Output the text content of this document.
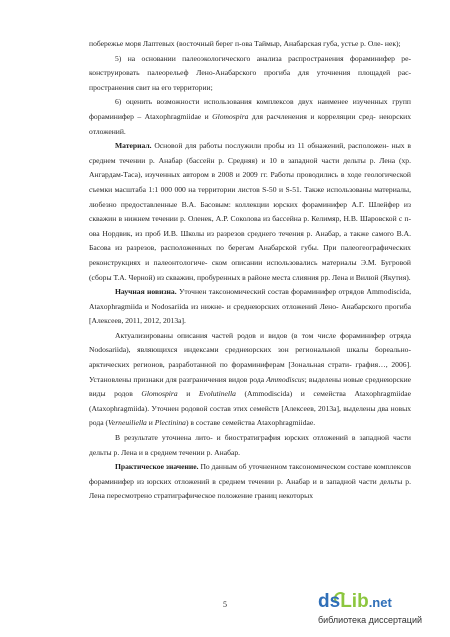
побережье моря Лаптевых (восточный берег п-ова Таймыр, Анабарская губа, устье р. Оле- нек);

5) на основании палеоэкологического анализа распространения фораминифер ре- конструировать палеорельеф Лено-Анабарского прогиба для уточнения площадей рас- пространения свит на его территории;

6) оценить возможности использования комплексов двух наименее изученных групп фораминифер – Ataxophragmiidae и Glomospira для расчленения и корреляции сред- неюрских отложений.

Материал. Основой для работы послужили пробы из 11 обнажений, расположен- ных в среднем течении р. Анабар (бассейн р. Средняя) и 10 в западной части дельты р. Лена (хр. Ангардам-Таса), изученных автором в 2008 и 2009 гг. Работы проводились в ходе геологической съемки масштаба 1:1 000 000 на территории листов S-50 и S-51. Также использованы материалы, любезно предоставленные В.А. Басовым: коллекции юрских фораминифер А.Г. Шлейфер из скважин в нижнем течении р. Оленек, А.Р. Соколова из бассейна р. Келимяр, Н.В. Шаровской с п-ова Нордвик, из проб И.В. Школы из разрезов среднего течения р. Анабар, а также самого В.А. Басова из разрезов, расположенных по берегам Анабарской губы. При палеогеографических реконструкциях и палеонтологиче- ском описании использовались материалы Э.М. Бугровой (сборы Т.А. Черной) из скважин, пробуренных в районе места слияния рр. Лена и Вилюй (Якутия).

Научная новизна. Уточнен таксономический состав фораминифер отрядов Ammodiscida, Ataxophragmiida и Nodosariida из нижне- и среднеюрских отложений Лено- Анабарского прогиба [Алексеев, 2011, 2012, 2013а].

Актуализированы описания частей родов и видов (в том числе фораминифер отряда Nodosariida), являющихся индексами среднеюрских зон региональной шкалы бореально-арктических регионов, разработанной по фораминиферам [Зональная страти- графия…, 2006]. Установлены признаки для разграничения видов рода Ammodiscus; выделены новые среднеюрские виды родов Glomospira и Evolutinella (Ammodiscida) и семейства Ataxophragmiidae (Ataxophragmiida). Уточнен родовой состав этих семейств [Алексеев, 2013а], выделены два новых рода (Verneuiliella и Plectinina) в составе семейства Ataxophragmiidae.

В результате уточнена лито- и биостратиграфия юрских отложений в западной части дельты р. Лена и в среднем течении р. Анабар.

Практическое значение. По данным об уточненном таксономическом составе комплексов фораминифер из юрских отложений в среднем течении р. Анабар и в западной части дельты р. Лена пересмотрено стратиграфическое положение границ некоторых

5	dsLib.net
библиотека диссертаций
